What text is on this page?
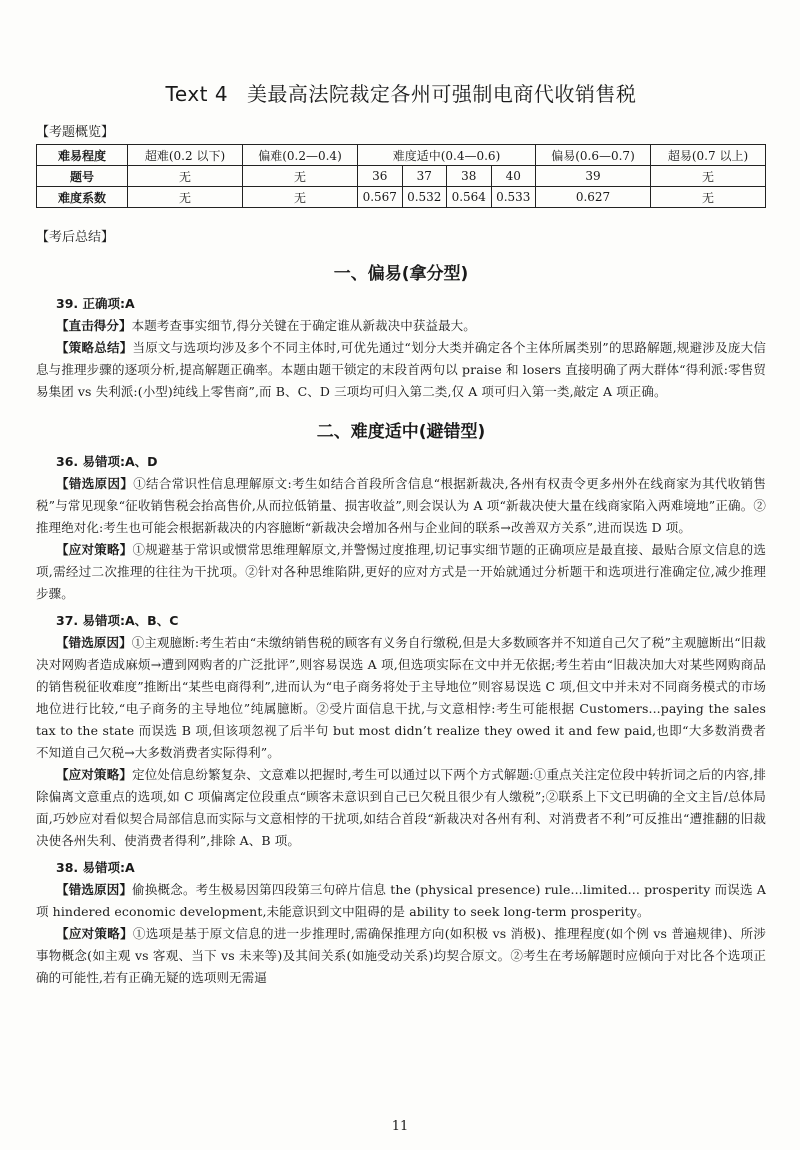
Text 4 美最高法院裁定各州可强制电商代收销售税
【考题概览】
难易程度	超难(0.2 以下)	偏难(0.2—0.4)	难度适中(0.4—0.6)				偏易(0.6—0.7)	超易(0.7 以上)
题号	无	无	36	37	38	40	39	无
难度系数	无	无	0.567	0.532	0.564	0.533	0.627	无
【考后总结】
一、偏易(拿分型)
39. 正确项:A

【直击得分】本题考查事实细节,得分关键在于确定谁从新裁决中获益最大。

【策略总结】当原文与选项均涉及多个不同主体时,可优先通过“划分大类并确定各个主体所属类别”的思路解题,规避涉及庞大信息与推理步骤的逐项分析,提高解题正确率。本题由题干锁定的末段首两句以 praise 和 losers 直接明确了两大群体“得利派:零售贸易集团 vs 失利派:(小型)纯线上零售商”,而 B、C、D 三项均可归入第二类,仅 A 项可归入第一类,敲定 A 项正确。

二、难度适中(避错型)
36. 易错项:A、D

【错选原因】①结合常识性信息理解原文:考生如结合首段所含信息“根据新裁决,各州有权责令更多州外在线商家为其代收销售税”与常见现象“征收销售税会抬高售价,从而拉低销量、损害收益”,则会误认为 A 项“新裁决使大量在线商家陷入两难境地”正确。②推理绝对化:考生也可能会根据新裁决的内容臆断“新裁决会增加各州与企业间的联系→改善双方关系”,进而误选 D 项。

【应对策略】①规避基于常识或惯常思维理解原文,并警惕过度推理,切记事实细节题的正确项应是最直接、最贴合原文信息的选项,需经过二次推理的往往为干扰项。②针对各种思维陷阱,更好的应对方式是一开始就通过分析题干和选项进行准确定位,减少推理步骤。

37. 易错项:A、B、C

【错选原因】①主观臆断:考生若由“未缴纳销售税的顾客有义务自行缴税,但是大多数顾客并不知道自己欠了税”主观臆断出“旧裁决对网购者造成麻烦→遭到网购者的广泛批评”,则容易误选 A 项,但选项实际在文中并无依据;考生若由“旧裁决加大对某些网购商品的销售税征收难度”推断出“某些电商得利”,进而认为“电子商务将处于主导地位”则容易误选 C 项,但文中并未对不同商务模式的市场地位进行比较,“电子商务的主导地位”纯属臆断。②受片面信息干扰,与文意相悖:考生可能根据 Customers...paying the sales tax to the state 而误选 B 项,但该项忽视了后半句 but most didn’t realize they owed it and few paid,也即“大多数消费者不知道自己欠税→大多数消费者实际得利”。

【应对策略】定位处信息纷繁复杂、文意难以把握时,考生可以通过以下两个方式解题:①重点关注定位段中转折词之后的内容,排除偏离文意重点的选项,如 C 项偏离定位段重点“顾客未意识到自己已欠税且很少有人缴税”;②联系上下文已明确的全文主旨/总体局面,巧妙应对看似契合局部信息而实际与文意相悖的干扰项,如结合首段“新裁决对各州有利、对消费者不利”可反推出“遭推翻的旧裁决使各州失利、使消费者得利”,排除 A、B 项。

38. 易错项:A

【错选原因】偷换概念。考生极易因第四段第三句碎片信息 the (physical presence) rule...limited... prosperity 而误选 A 项 hindered economic development,未能意识到文中阻碍的是 ability to seek long-term prosperity。

【应对策略】①选项是基于原文信息的进一步推理时,需确保推理方向(如积极 vs 消极)、推理程度(如个例 vs 普遍规律)、所涉事物概念(如主观 vs 客观、当下 vs 未来等)及其间关系(如施受动关系)均契合原文。②考生在考场解题时应倾向于对比各个选项正确的可能性,若有正确无疑的选项则无需逼

11
